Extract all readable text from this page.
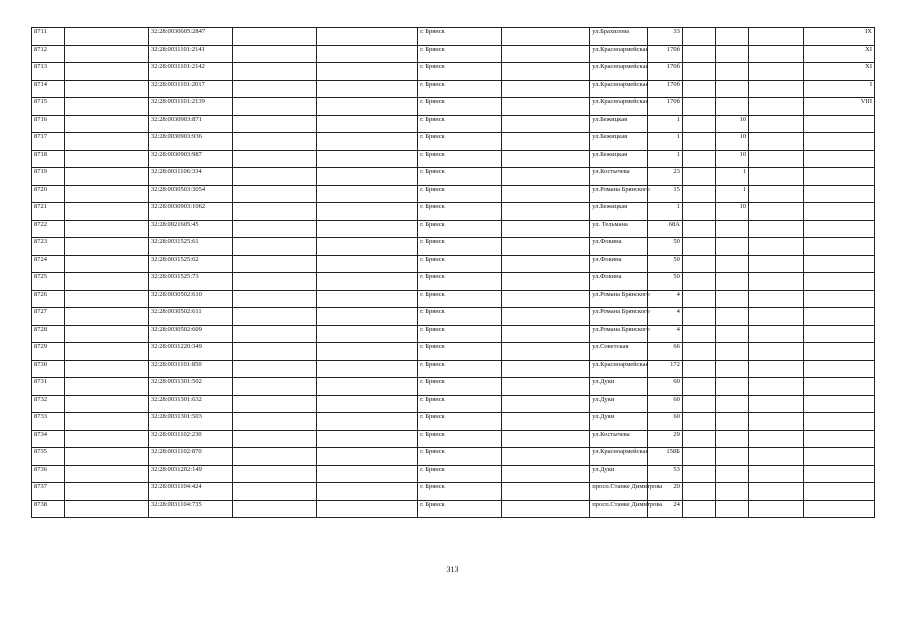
8711		32:28:0030605:2847			г. Брянск		ул.Брахилова	33				IX
8712		32:28:0031101:2141			г. Брянск		ул.Красноармейская	170б				XI
8713		32:28:0031101:2142			г. Брянск		ул.Красноармейская	170б				XI
8714		32:28:0031101:2017			г. Брянск		ул.Красноармейская	170б				I
8715		32:28:0031101:2139			г. Брянск		ул.Красноармейская	170б				VIII
8716		32:28:0030903:871			г. Брянск		ул.Бежицкая	1		10		
8717		32:28:0030903:936			г. Брянск		ул.Бежицкая	1		10		
8718		32:28:0030903:987			г. Брянск		ул.Бежицкая	1		10		
8719		32:28:0031106:334			г. Брянск		ул.Костычева	23		1		
8720		32:28:0030503:3054			г. Брянск		ул.Романа Брянского	15		1		
8721		32:28:0030903:1062			г. Брянск		ул.Бежицкая	1		10		
8722		32:28:0021605:45			г. Брянск		ул. Тельмана	68А				
8723		32:28:0031525:61			г. Брянск		ул.Фокина	50				
8724		32:28:0031525:62			г. Брянск		ул.Фокина	50				
8725		32:28:0031525:73			г. Брянск		ул.Фокина	50				
8726		32:28:0030502:610			г. Брянск		ул.Романа Брянского	4				
8727		32:28:0030502:611			г. Брянск		ул.Романа Брянского	4				
8728		32:28:0030502:609			г. Брянск		ул.Романа Брянского	4				
8729		32:28:0031220:349			г. Брянск		ул.Советская	66				
8730		32:28:0031101:850			г. Брянск		ул.Красноармейская	172				
8731		32:28:0031301:502			г. Брянск		ул.Дуки	60				
8732		32:28:0031301:632			г. Брянск		ул.Дуки	60				
8733		32:28:0031301:503			г. Брянск		ул.Дуки	60				
8734		32:28:0031102:230			г. Брянск		ул.Костычева	29				
8735		32:28:0031102:870			г. Брянск		ул.Красноармейская	158Б				
8736		32:28:0031202:149			г. Брянск		ул.Дуки	53				
8737		32:28:0031104:424			г. Брянск		просп.Станке Димитрова	20				
8738		32:28:0031104:735			г. Брянск		просп.Станке Димитрова	24				
313
